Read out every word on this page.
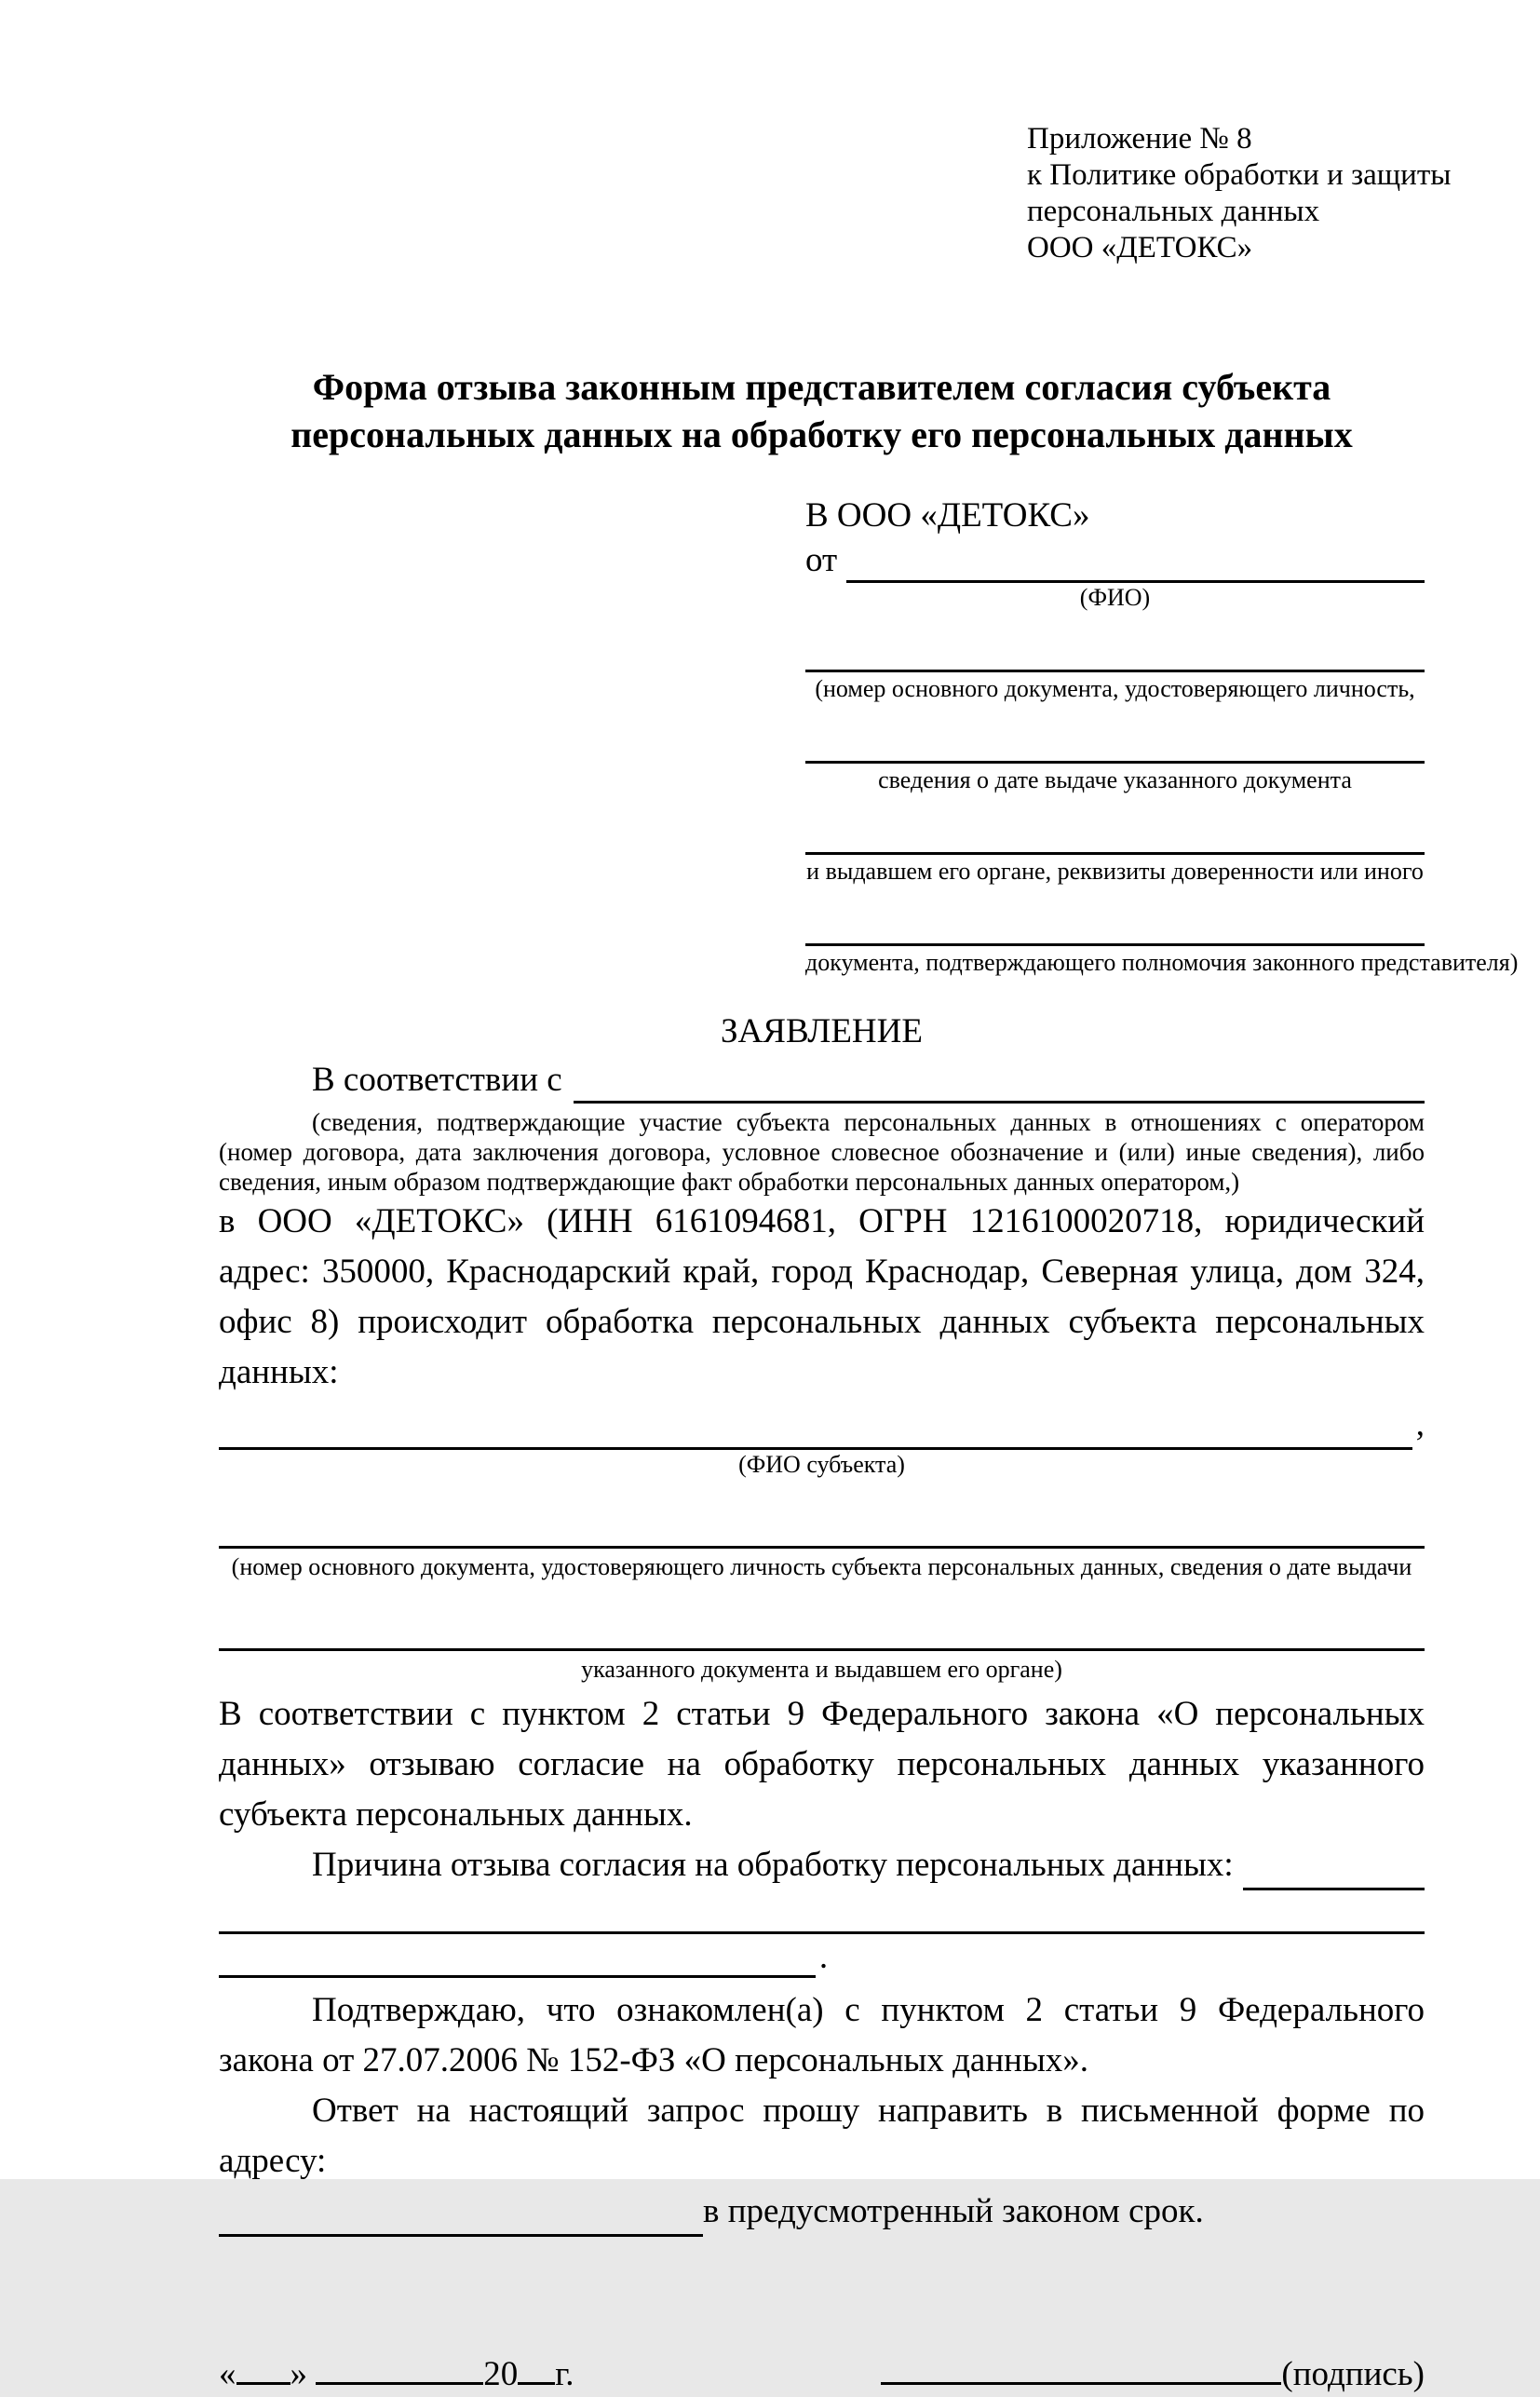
Приложение № 8
к Политике обработки и защиты
персональных данных
ООО «ДЕТОКС»
Форма отзыва законным представителем согласия субъекта
персональных данных на обработку его персональных данных
В ООО «ДЕТОКС»
от
(ФИО)
(номер основного документа, удостоверяющего личность,
сведения о дате выдаче указанного документа
и выдавшем его органе, реквизиты доверенности или иного
документа, подтверждающего полномочия законного представителя)
ЗАЯВЛЕНИЕ
В соответствии с
(сведения, подтверждающие участие субъекта персональных данных в отношениях с оператором (номер договора, дата заключения договора, условное словесное обозначение и (или) иные сведения), либо сведения, иным образом подтверждающие факт обработки персональных данных оператором,)
в ООО «ДЕТОКС» (ИНН 6161094681, ОГРН 1216100020718, юридический адрес: 350000, Краснодарский край, город Краснодар, Северная улица, дом 324, офис 8) происходит обработка персональных данных субъекта персональных данных:
,
(ФИО субъекта)
(номер основного документа, удостоверяющего личность субъекта персональных данных, сведения о дате выдачи
указанного документа и выдавшем его органе)
В соответствии с пунктом 2 статьи 9 Федерального закона «О персональных данных» отзываю согласие на обработку персональных данных указанного субъекта персональных данных.
Причина отзыва согласия на обработку персональных данных:
.
Подтверждаю, что ознакомлен(а) с пунктом 2 статьи 9 Федерального закона от 27.07.2006 № 152-ФЗ «О персональных данных».
Ответ на настоящий запрос прошу направить в письменной форме по адресу:
в предусмотренный законом срок.
« »	20 г.	(подпись)
